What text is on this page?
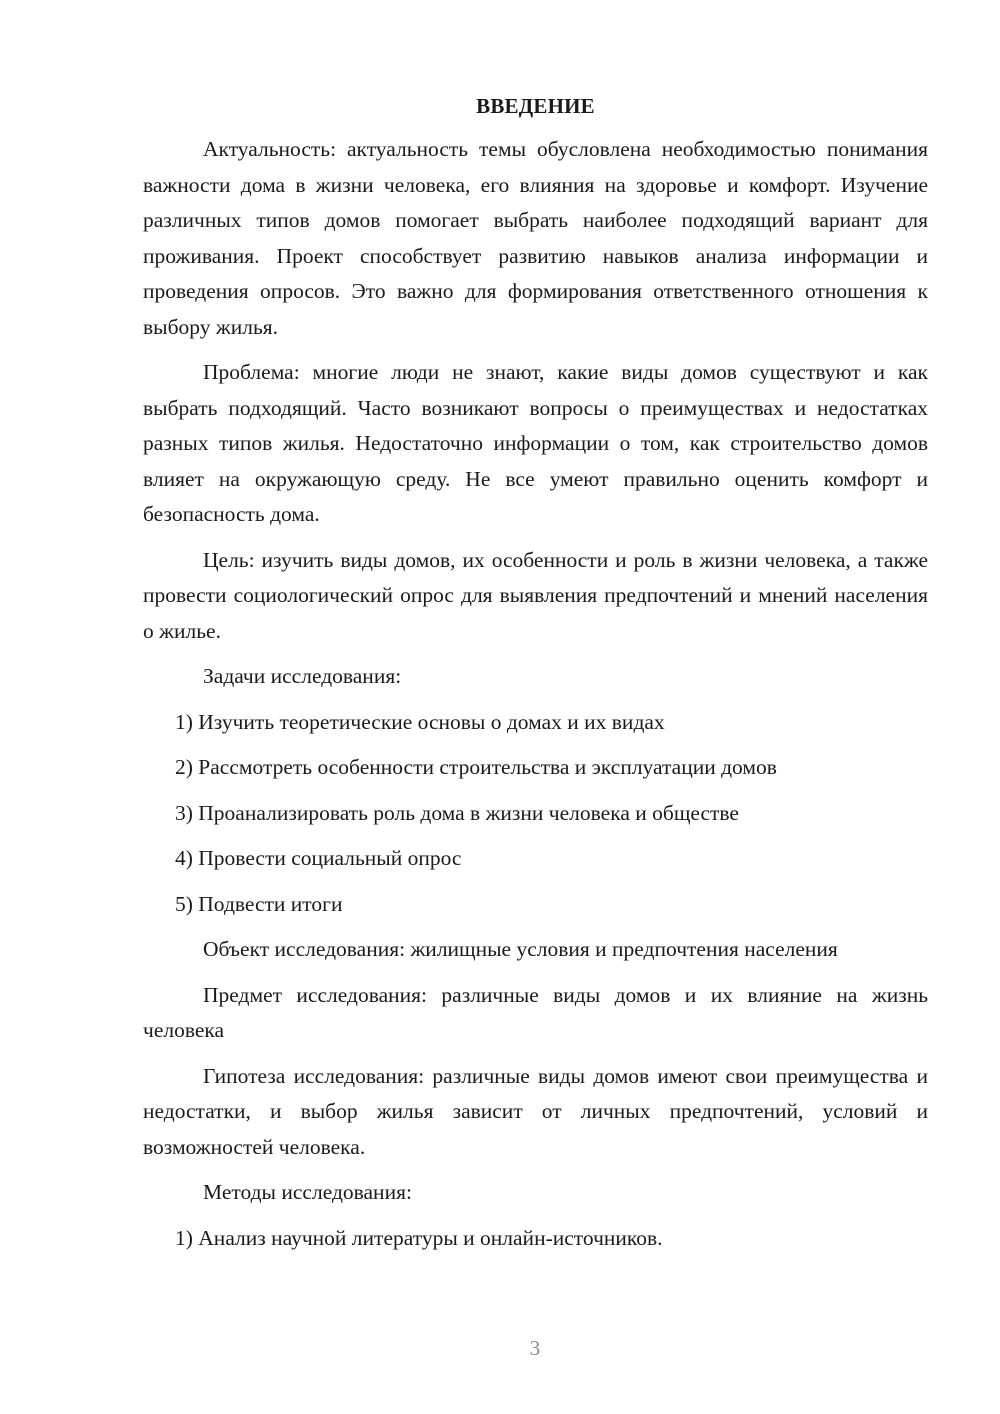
ВВЕДЕНИЕ

Актуальность: актуальность темы обусловлена необходимостью понимания важности дома в жизни человека, его влияния на здоровье и комфорт. Изучение различных типов домов помогает выбрать наиболее подходящий вариант для проживания. Проект способствует развитию навыков анализа информации и проведения опросов. Это важно для формирования ответственного отношения к выбору жилья.

Проблема: многие люди не знают, какие виды домов существуют и как выбрать подходящий. Часто возникают вопросы о преимуществах и недостатках разных типов жилья. Недостаточно информации о том, как строительство домов влияет на окружающую среду. Не все умеют правильно оценить комфорт и безопасность дома.

Цель: изучить виды домов, их особенности и роль в жизни человека, а также провести социологический опрос для выявления предпочтений и мнений населения о жилье.

Задачи исследования:

1) Изучить теоретические основы о домах и их видах

2) Рассмотреть особенности строительства и эксплуатации домов

3) Проанализировать роль дома в жизни человека и обществе

4) Провести социальный опрос

5) Подвести итоги

Объект исследования: жилищные условия и предпочтения населения

Предмет исследования: различные виды домов и их влияние на жизнь человека

Гипотеза исследования: различные виды домов имеют свои преимущества и недостатки, и выбор жилья зависит от личных предпочтений, условий и возможностей человека.

Методы исследования:

1) Анализ научной литературы и онлайн-источников.

3
